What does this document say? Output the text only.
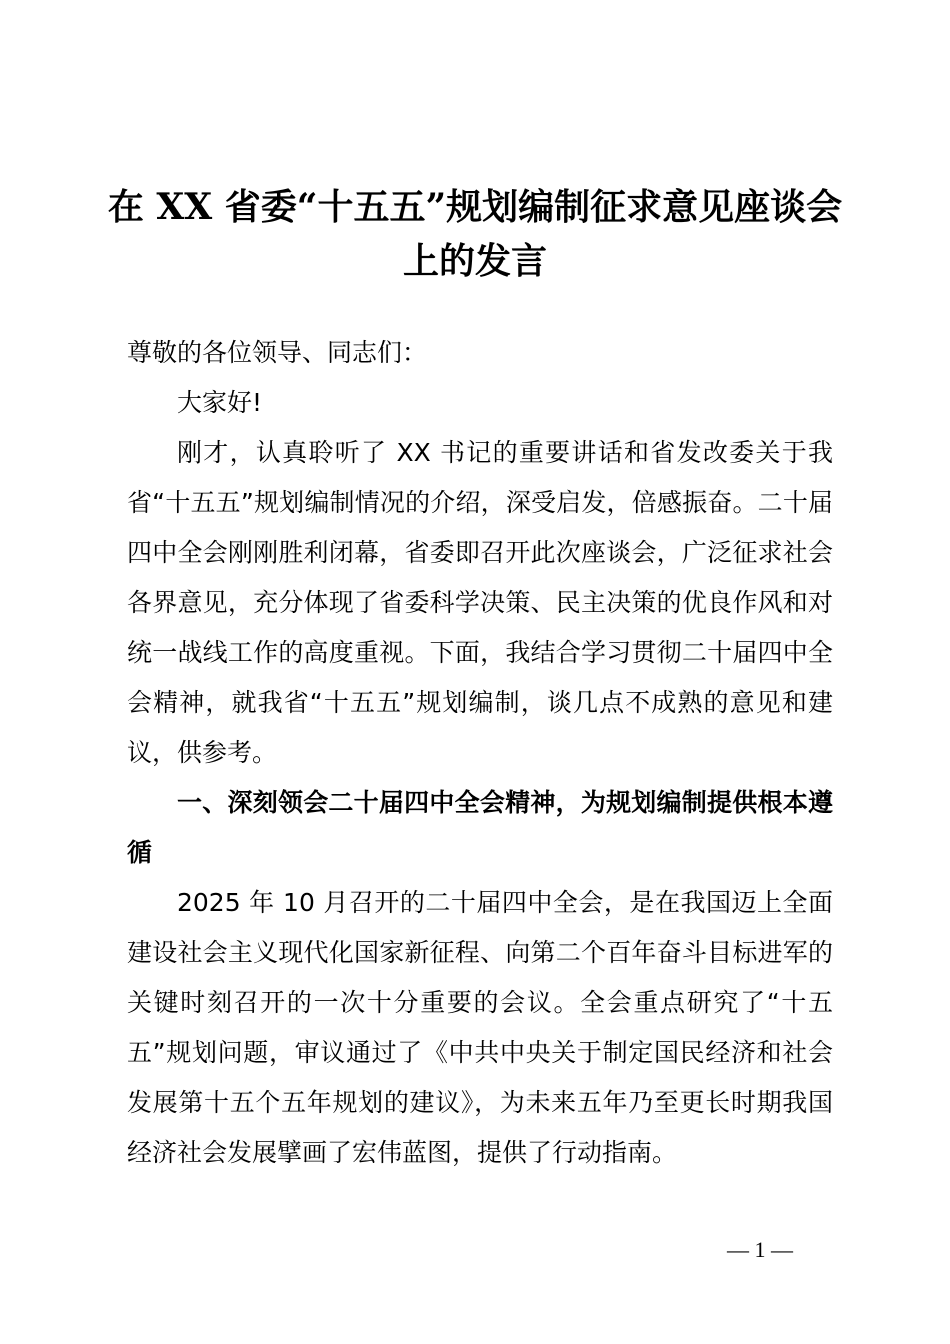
在 XX 省委“十五五”规划编制征求意见座谈会
上的发言

尊敬的各位领导、同志们：

大家好!

刚才，认真聆听了 XX 书记的重要讲话和省发改委关于我省“十五五”规划编制情况的介绍，深受启发，倍感振奋。二十届四中全会刚刚胜利闭幕，省委即召开此次座谈会，广泛征求社会各界意见，充分体现了省委科学决策、民主决策的优良作风和对统一战线工作的高度重视。下面，我结合学习贯彻二十届四中全会精神，就我省“十五五”规划编制，谈几点不成熟的意见和建议，供参考。

一、深刻领会二十届四中全会精神，为规划编制提供根本遵循

2025 年 10 月召开的二十届四中全会，是在我国迈上全面建设社会主义现代化国家新征程、向第二个百年奋斗目标进军的关键时刻召开的一次十分重要的会议。全会重点研究了“十五五”规划问题，审议通过了《中共中央关于制定国民经济和社会发展第十五个五年规划的建议》，为未来五年乃至更长时期我国经济社会发展擘画了宏伟蓝图，提供了行动指南。

— 1 —
